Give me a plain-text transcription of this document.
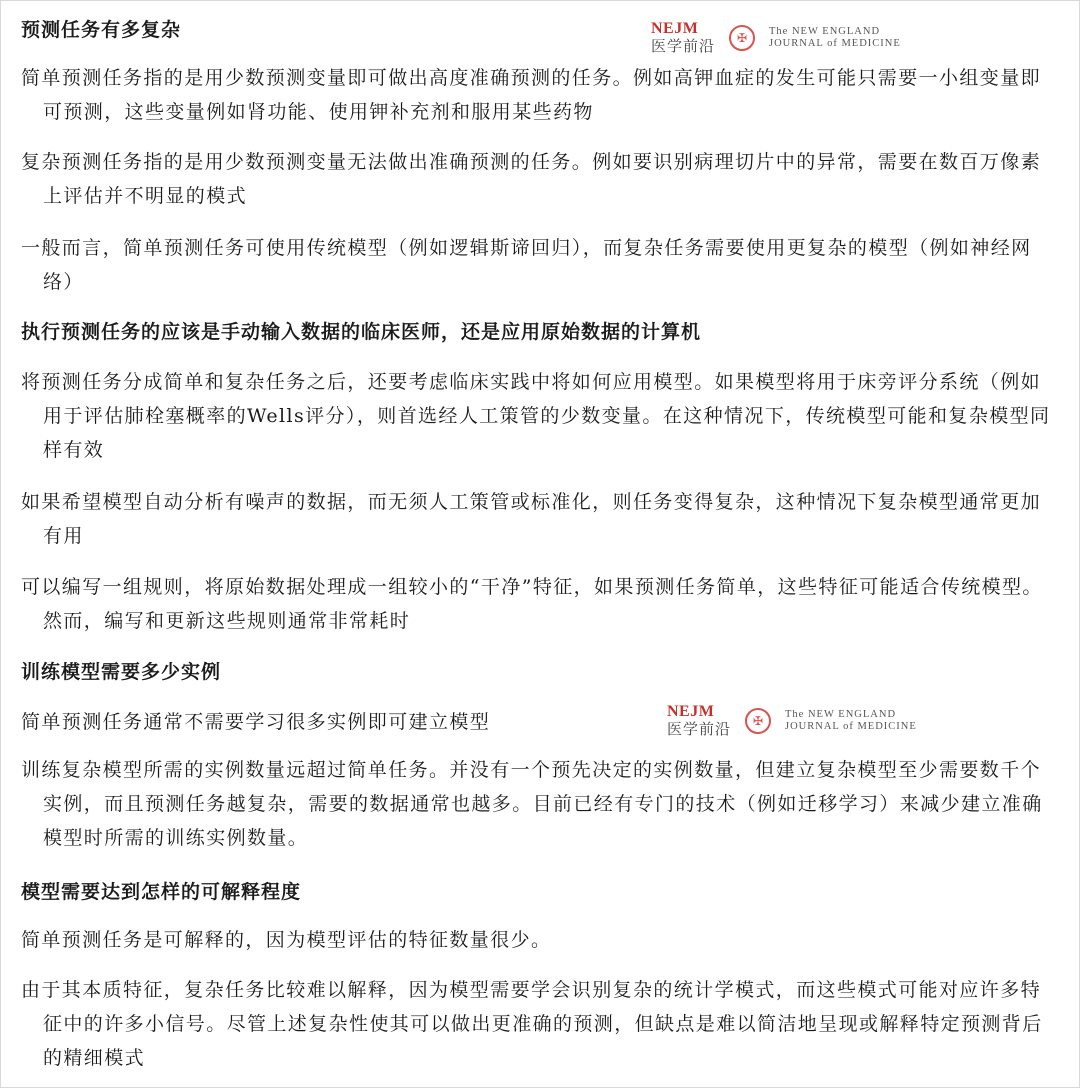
NEJM
医学前沿	✠	The NEW ENGLAND
JOURNAL of MEDICINE
预测任务有多复杂

简单预测任务指的是用少数预测变量即可做出高度准确预测的任务。例如高钾血症的发生可能只需要一小组变量即可预测，这些变量例如肾功能、使用钾补充剂和服用某些药物

复杂预测任务指的是用少数预测变量无法做出准确预测的任务。例如要识别病理切片中的异常，需要在数百万像素上评估并不明显的模式

一般而言，简单预测任务可使用传统模型（例如逻辑斯谛回归），而复杂任务需要使用更复杂的模型（例如神经网络）

执行预测任务的应该是手动输入数据的临床医师，还是应用原始数据的计算机

将预测任务分成简单和复杂任务之后，还要考虑临床实践中将如何应用模型。如果模型将用于床旁评分系统（例如用于评估肺栓塞概率的Wells评分），则首选经人工策管的少数变量。在这种情况下，传统模型可能和复杂模型同样有效

如果希望模型自动分析有噪声的数据，而无须人工策管或标准化，则任务变得复杂，这种情况下复杂模型通常更加有用

可以编写一组规则，将原始数据处理成一组较小的“干净”特征，如果预测任务简单，这些特征可能适合传统模型。然而，编写和更新这些规则通常非常耗时

训练模型需要多少实例

简单预测任务通常不需要学习很多实例即可建立模型	NEJM
医学前沿	✠	The NEW ENGLAND
JOURNAL of MEDICINE

训练复杂模型所需的实例数量远超过简单任务。并没有一个预先决定的实例数量，但建立复杂模型至少需要数千个实例，而且预测任务越复杂，需要的数据通常也越多。目前已经有专门的技术（例如迁移学习）来减少建立准确模型时所需的训练实例数量。

模型需要达到怎样的可解释程度

简单预测任务是可解释的，因为模型评估的特征数量很少。

由于其本质特征，复杂任务比较难以解释，因为模型需要学会识别复杂的统计学模式，而这些模式可能对应许多特征中的许多小信号。尽管上述复杂性使其可以做出更准确的预测，但缺点是难以简洁地呈现或解释特定预测背后的精细模式
